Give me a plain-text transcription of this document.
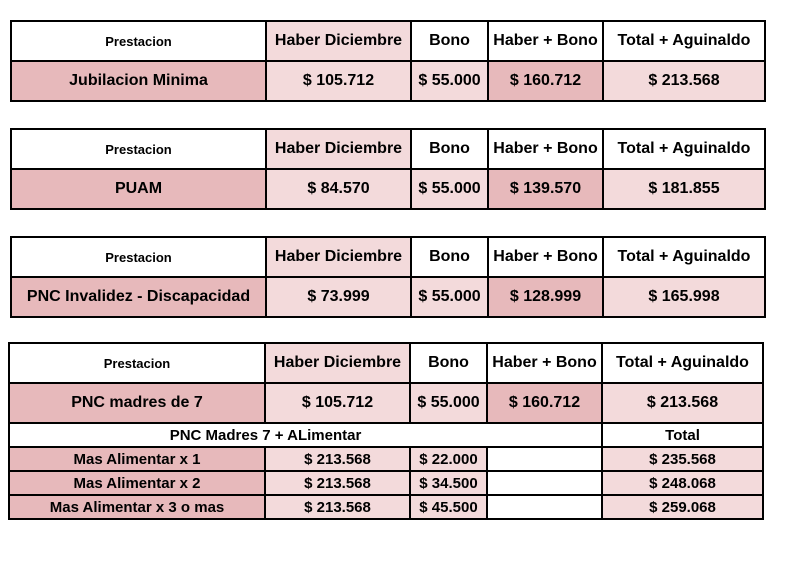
Prestacion	Haber Diciembre	Bono	Haber + Bono	Total + Aguinaldo
Jubilacion Minima	$ 105.712	$ 55.000	$ 160.712	$ 213.568
Prestacion	Haber Diciembre	Bono	Haber + Bono	Total + Aguinaldo
PUAM	$ 84.570	$ 55.000	$ 139.570	$ 181.855
Prestacion	Haber Diciembre	Bono	Haber + Bono	Total + Aguinaldo
PNC Invalidez - Discapacidad	$ 73.999	$ 55.000	$ 128.999	$ 165.998
Prestacion	Haber Diciembre	Bono	Haber + Bono	Total + Aguinaldo
PNC madres de 7	$ 105.712	$ 55.000	$ 160.712	$ 213.568
PNC Madres 7 + ALimentar				Total
Mas Alimentar x 1	$ 213.568	$ 22.000		$ 235.568
Mas Alimentar x 2	$ 213.568	$ 34.500		$ 248.068
Mas Alimentar x 3 o mas	$ 213.568	$ 45.500		$ 259.068
